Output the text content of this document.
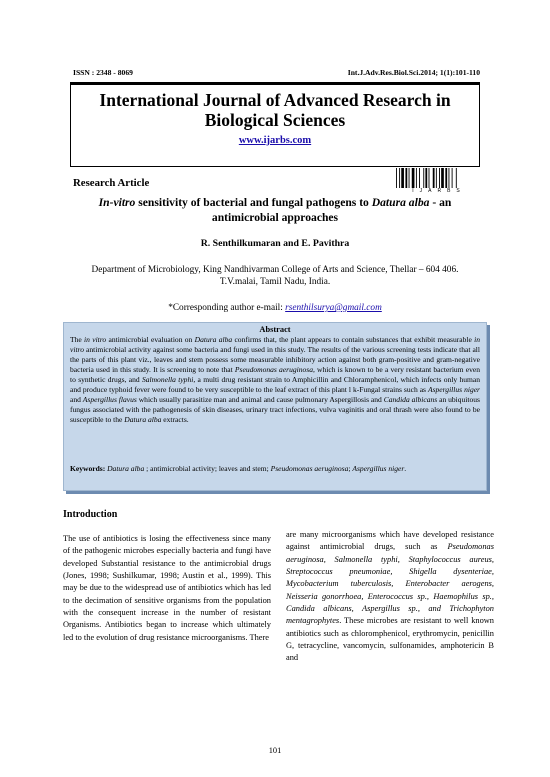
ISSN : 2348 - 8069	Int.J.Adv.Res.Biol.Sci.2014; 1(1):101-110
International Journal of Advanced Research in
Biological Sciences
www.ijarbs.com
Research Article
IJARBS
In-vitro sensitivity of bacterial and fungal pathogens to Datura alba - an
antimicrobial approaches
R. Senthilkumaran and E. Pavithra
Department of Microbiology, King Nandhivarman College of Arts and Science, Thellar – 604 406.
T.V.malai, Tamil Nadu, India.
*Corresponding author e-mail: rsenthilsurya@gmail.com
Abstract
The in vitro antimicrobial evaluation on Datura alba confirms that, the plant appears to contain substances that exhibit measurable in vitro antimicrobial activity against some bacteria and fungi used in this study. The results of the various screening tests indicate that all the parts of this plant viz., leaves and stem possess some measurable inhibitory action against both gram-positive and gram-negative bacteria used in this study. It is screening to note that Pseudomonas aeruginosa, which is known to be a very resistant bacterium even to synthetic drugs, and Salmonella typhi, a multi drug resistant strain to Amphicillin and Chloramphenicol, which infects only human and produce typhoid fever were found to be very susceptible to the leaf extract of this plant l k-Fungal strains such as Aspergillus niger and Aspergillus flavus which usually parasitize man and animal and cause pulmonary Aspergillosis and Candida albicans an ubiquitous fungus associated with the pathogenesis of skin diseases, urinary tract infections, vulva vaginitis and oral thrash were also found to be susceptible to the Datura alba extracts.
Keywords: Datura alba ; antimicrobial activity; leaves and stem; Pseudomonas aeruginosa; Aspergillus niger.
Introduction
The use of antibiotics is losing the effectiveness since many of the pathogenic microbes especially bacteria and fungi have developed Substantial resistance to the antimicrobial drugs (Jones, 1998; Sushilkumar, 1998; Austin et al., 1999). This may be due to the widespread use of antibiotics which has led to the decimation of sensitive organisms from the population with the consequent increase in the number of resistant Organisms. Antibiotics began to increase which ultimately led to the evolution of drug resistance microorganisms. There
are many microorganisms which have developed resistance against antimicrobial drugs, such as Pseudomonas aeruginosa, Salmonella typhi, Staphylococcus aureus, Streptococcus pneumoniae, Shigella dysenteriae, Mycobacterium tuberculosis, Enterobacter aerogens, Neisseria gonorrhoea, Enterococcus sp., Haemophilus sp., Candida albicans, Aspergillus sp., and Trichophyton mentagrophytes. These microbes are resistant to well known antibiotics such as chloromphenicol, erythromycin, penicillin G, tetracycline, vancomycin, sulfonamides, amphotericin B and
101
